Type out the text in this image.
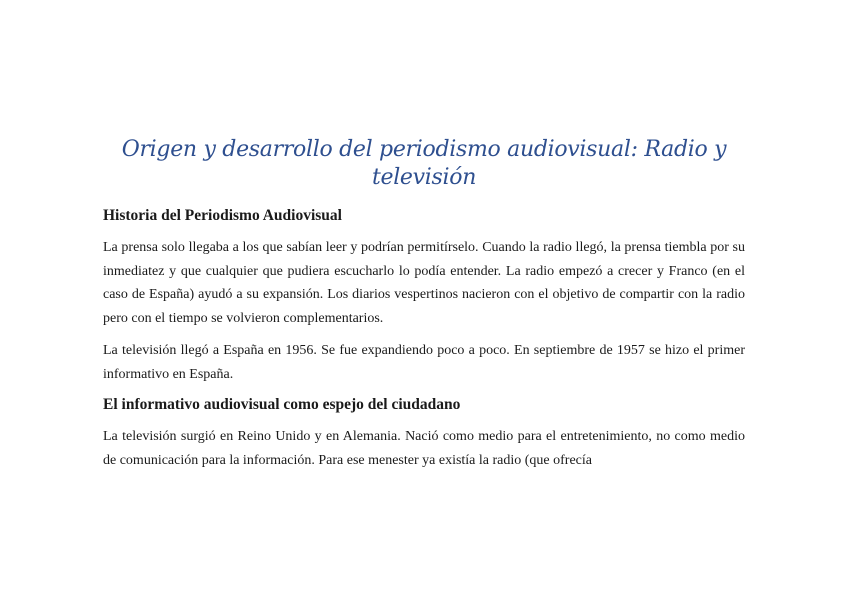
Origen y desarrollo del periodismo audiovisual: Radio y televisión
Historia del Periodismo Audiovisual

La prensa solo llegaba a los que sabían leer y podrían permitírselo. Cuando la radio llegó, la prensa tiembla por su inmediatez y que cualquier que pudiera escucharlo lo podía entender. La radio empezó a crecer y Franco (en el caso de España) ayudó a su expansión. Los diarios vespertinos nacieron con el objetivo de compartir con la radio pero con el tiempo se volvieron complementarios.

La televisión llegó a España en 1956. Se fue expandiendo poco a poco. En septiembre de 1957 se hizo el primer informativo en España.

El informativo audiovisual como espejo del ciudadano

La televisión surgió en Reino Unido y en Alemania. Nació como medio para el entretenimiento, no como medio de comunicación para la información. Para ese menester ya existía la radio (que ofrecía
